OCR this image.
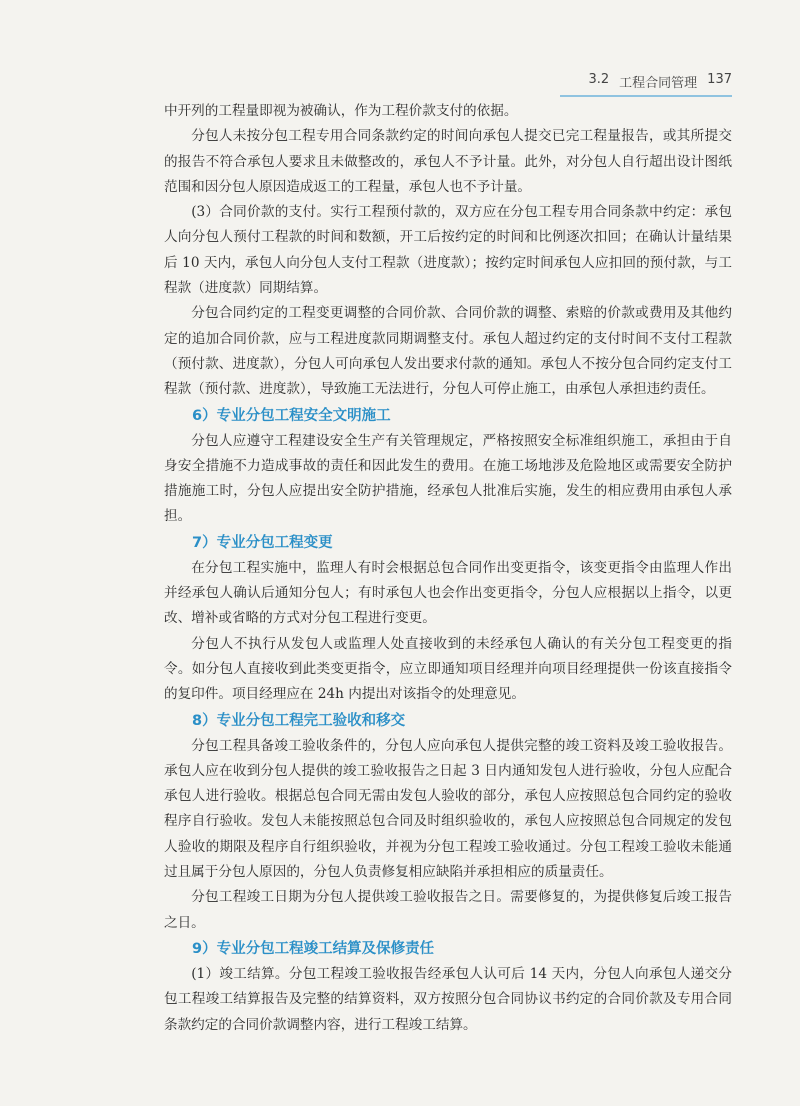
3.2 工程合同管理 137

中开列的工程量即视为被确认，作为工程价款支付的依据。

分包人未按分包工程专用合同条款约定的时间向承包人提交已完工程量报告，或其所提交的报告不符合承包人要求且未做整改的，承包人不予计量。此外，对分包人自行超出设计图纸范围和因分包人原因造成返工的工程量，承包人也不予计量。

(3）合同价款的支付。实行工程预付款的，双方应在分包工程专用合同条款中约定：承包人向分包人预付工程款的时间和数额，开工后按约定的时间和比例逐次扣回；在确认计量结果后 10 天内，承包人向分包人支付工程款（进度款）；按约定时间承包人应扣回的预付款，与工程款（进度款）同期结算。

分包合同约定的工程变更调整的合同价款、合同价款的调整、索赔的价款或费用及其他约定的追加合同价款，应与工程进度款同期调整支付。承包人超过约定的支付时间不支付工程款（预付款、进度款），分包人可向承包人发出要求付款的通知。承包人不按分包合同约定支付工程款（预付款、进度款），导致施工无法进行，分包人可停止施工，由承包人承担违约责任。

6）专业分包工程安全文明施工

分包人应遵守工程建设安全生产有关管理规定，严格按照安全标准组织施工，承担由于自身安全措施不力造成事故的责任和因此发生的费用。在施工场地涉及危险地区或需要安全防护措施施工时，分包人应提出安全防护措施，经承包人批准后实施，发生的相应费用由承包人承担。

7）专业分包工程变更

在分包工程实施中，监理人有时会根据总包合同作出变更指令，该变更指令由监理人作出并经承包人确认后通知分包人；有时承包人也会作出变更指令，分包人应根据以上指令，以更改、增补或省略的方式对分包工程进行变更。

分包人不执行从发包人或监理人处直接收到的未经承包人确认的有关分包工程变更的指令。如分包人直接收到此类变更指令，应立即通知项目经理并向项目经理提供一份该直接指令的复印件。项目经理应在 24h 内提出对该指令的处理意见。

8）专业分包工程完工验收和移交

分包工程具备竣工验收条件的，分包人应向承包人提供完整的竣工资料及竣工验收报告。承包人应在收到分包人提供的竣工验收报告之日起 3 日内通知发包人进行验收，分包人应配合承包人进行验收。根据总包合同无需由发包人验收的部分，承包人应按照总包合同约定的验收程序自行验收。发包人未能按照总包合同及时组织验收的，承包人应按照总包合同规定的发包人验收的期限及程序自行组织验收，并视为分包工程竣工验收通过。分包工程竣工验收未能通过且属于分包人原因的，分包人负责修复相应缺陷并承担相应的质量责任。

分包工程竣工日期为分包人提供竣工验收报告之日。需要修复的，为提供修复后竣工报告之日。

9）专业分包工程竣工结算及保修责任

(1）竣工结算。分包工程竣工验收报告经承包人认可后 14 天内，分包人向承包人递交分包工程竣工结算报告及完整的结算资料，双方按照分包合同协议书约定的合同价款及专用合同条款约定的合同价款调整内容，进行工程竣工结算。
